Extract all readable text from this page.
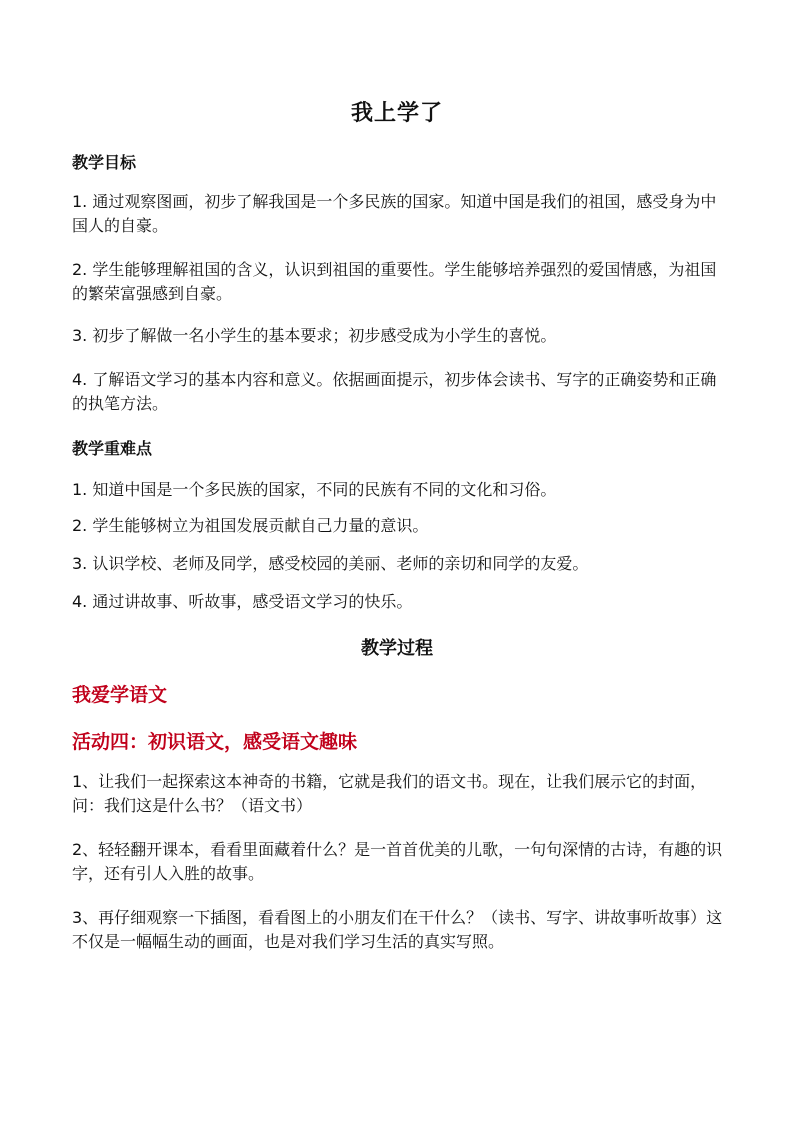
我上学了
教学目标
1. 通过观察图画，初步了解我国是一个多民族的国家。知道中国是我们的祖国，感受身为中国人的自豪。
2. 学生能够理解祖国的含义，认识到祖国的重要性。学生能够培养强烈的爱国情感，为祖国的繁荣富强感到自豪。
3. 初步了解做一名小学生的基本要求；初步感受成为小学生的喜悦。
4. 了解语文学习的基本内容和意义。依据画面提示，初步体会读书、写字的正确姿势和正确的执笔方法。
教学重难点
1. 知道中国是一个多民族的国家，不同的民族有不同的文化和习俗。
2. 学生能够树立为祖国发展贡献自己力量的意识。
3. 认识学校、老师及同学，感受校园的美丽、老师的亲切和同学的友爱。
4. 通过讲故事、听故事，感受语文学习的快乐。
教学过程
我爱学语文
活动四：初识语文，感受语文趣味
1、让我们一起探索这本神奇的书籍，它就是我们的语文书。现在，让我们展示它的封面，问：我们这是什么书？（语文书）
2、轻轻翻开课本，看看里面藏着什么？是一首首优美的儿歌，一句句深情的古诗，有趣的识字，还有引人入胜的故事。
3、再仔细观察一下插图，看看图上的小朋友们在干什么？（读书、写字、讲故事听故事）这不仅是一幅幅生动的画面，也是对我们学习生活的真实写照。
